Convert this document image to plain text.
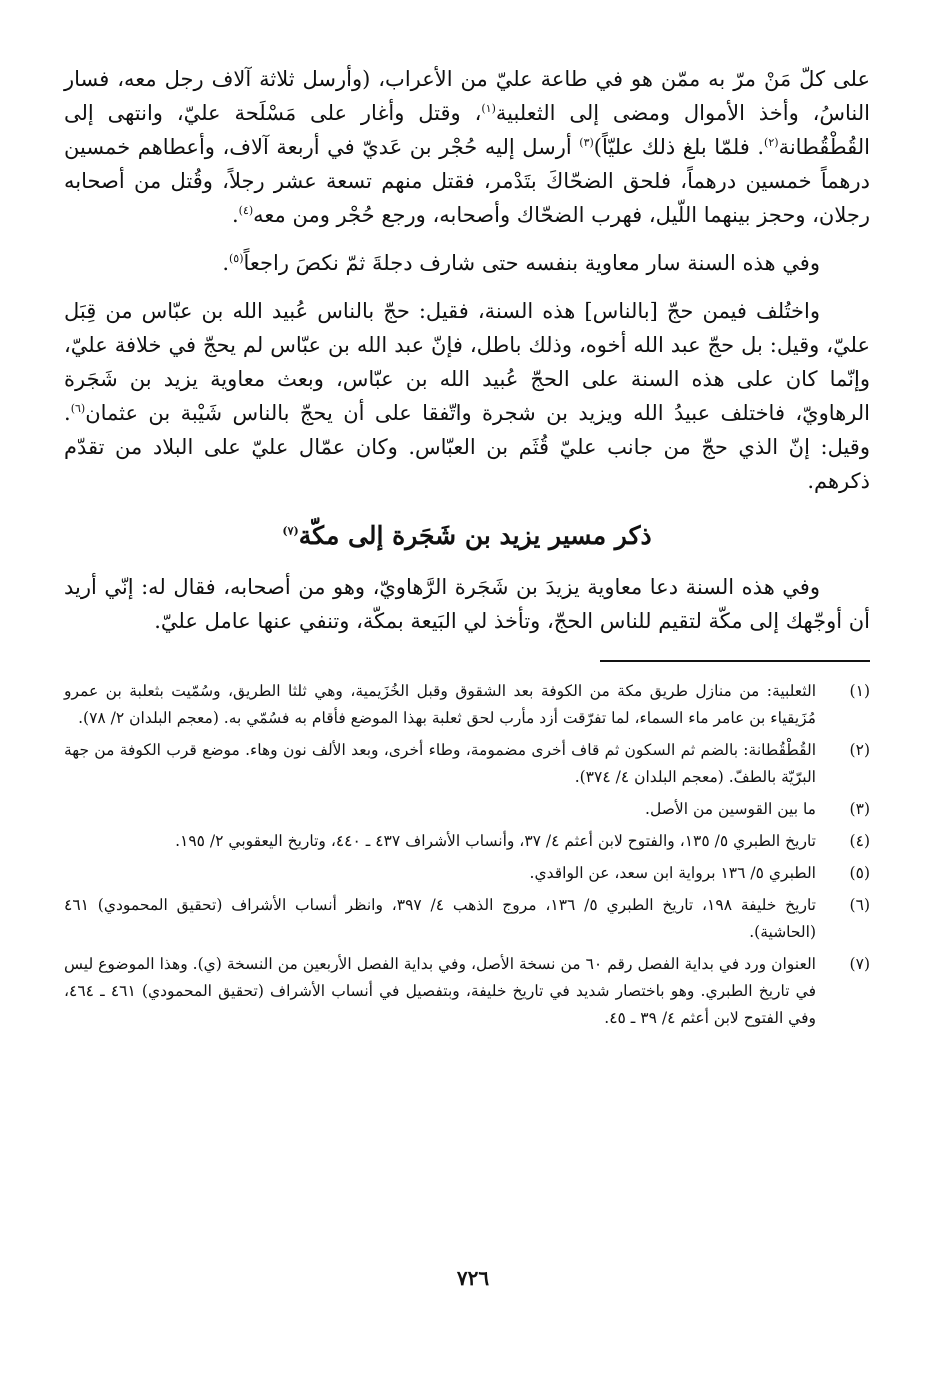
على كلّ مَنْ مرّ به ممّن هو في طاعة عليّ من الأعراب، (وأرسل ثلاثة آلاف رجل معه، فسار الناسُ، وأخذ الأموال ومضى إلى الثعلبية$^{(١)}$، وقتل وأغار على مَسْلَحة عليّ، وانتهى إلى القُطْقُطانة$^{(٢)}$. فلمّا بلغ ذلك عليّاً)$^{(٣)}$ أرسل إليه حُجْر بن عَديّ في أربعة آلاف، وأعطاهم خمسين درهماً خمسين درهماً، فلحق الضحّاكَ بتَدْمر، فقتل منهم تسعة عشر رجلاً، وقُتل من أصحابه رجلان، وحجز بينهما اللّيل، فهرب الضحّاك وأصحابه، ورجع حُجْر ومن معه$^{(٤)}$.

وفي هذه السنة سار معاوية بنفسه حتى شارف دجلةَ ثمّ نكصَ راجعاً$^{(٥)}$.

واختُلف فيمن حجّ [بالناس] هذه السنة، فقيل: حجّ بالناس عُبيد الله بن عبّاس من قِبَل عليّ، وقيل: بل حجّ عبد الله أخوه، وذلك باطل، فإنّ عبد الله بن عبّاس لم يحجّ في خلافة عليّ، وإنّما كان على هذه السنة على الحجّ عُبيد الله بن عبّاس، وبعث معاوية يزيد بن شَجَرة الرهاويّ، فاختلف عبيدُ الله ويزيد بن شجرة واتّفقا على أن يحجّ بالناس شَيْبة بن عثمان$^{(٦)}$. وقيل: إنّ الذي حجّ من جانب عليّ قُثَم بن العبّاس. وكان عمّال عليّ على البلاد من تقدّم ذكرهم.

ذكر مسير يزيد بن شَجَرة إلى مكّة$^{(٧)}$

وفي هذه السنة دعا معاوية يزيدَ بن شَجَرة الرَّهاويّ، وهو من أصحابه، فقال له: إنّي أريد أن أوجّهك إلى مكّة لتقيم للناس الحجّ، وتأخذ لي البَيعة بمكّة، وتنفي عنها عامل عليّ.

(١)
الثعلبية: من منازل طريق مكة من الكوفة بعد الشقوق وقبل الخُزَيمية، وهي ثلثا الطريق، وسُمّيت بثعلبة بن عمرو مُزَيقياء بن عامر ماء السماء، لما تفرّقت أزد مأرب لحق ثعلبة بهذا الموضع فأقام به فسُمّي به. (معجم البلدان ٢/ ٧٨).
(٢)
القُطْقُطانة: بالضم ثم السكون ثم قاف أخرى مضمومة، وطاء أخرى، وبعد الألف نون وهاء. موضع قرب الكوفة من جهة البرّيّة بالطفّ. (معجم البلدان ٤/ ٣٧٤).
(٣)
ما بين القوسين من الأصل.
(٤)
تاريخ الطبري ٥/ ١٣٥، والفتوح لابن أعثم ٤/ ٣٧، وأنساب الأشراف ٤٣٧ ـ ٤٤٠، وتاريخ اليعقوبي ٢/ ١٩٥.
(٥)
الطبري ٥/ ١٣٦ برواية ابن سعد، عن الواقدي.
(٦)
تاريخ خليفة ١٩٨، تاريخ الطبري ٥/ ١٣٦، مروج الذهب ٤/ ٣٩٧، وانظر أنساب الأشراف (تحقيق المحمودي) ٤٦١ (الحاشية).
(٧)
العنوان ورد في بداية الفصل رقم ٦٠ من نسخة الأصل، وفي بداية الفصل الأربعين من النسخة (ي). وهذا الموضوع ليس في تاريخ الطبري. وهو باختصار شديد في تاريخ خليفة، وبتفصيل في أنساب الأشراف (تحقيق المحمودي) ٤٦١ ـ ٤٦٤، وفي الفتوح لابن أعثم ٤/ ٣٩ ـ ٤٥.
٧٢٦
